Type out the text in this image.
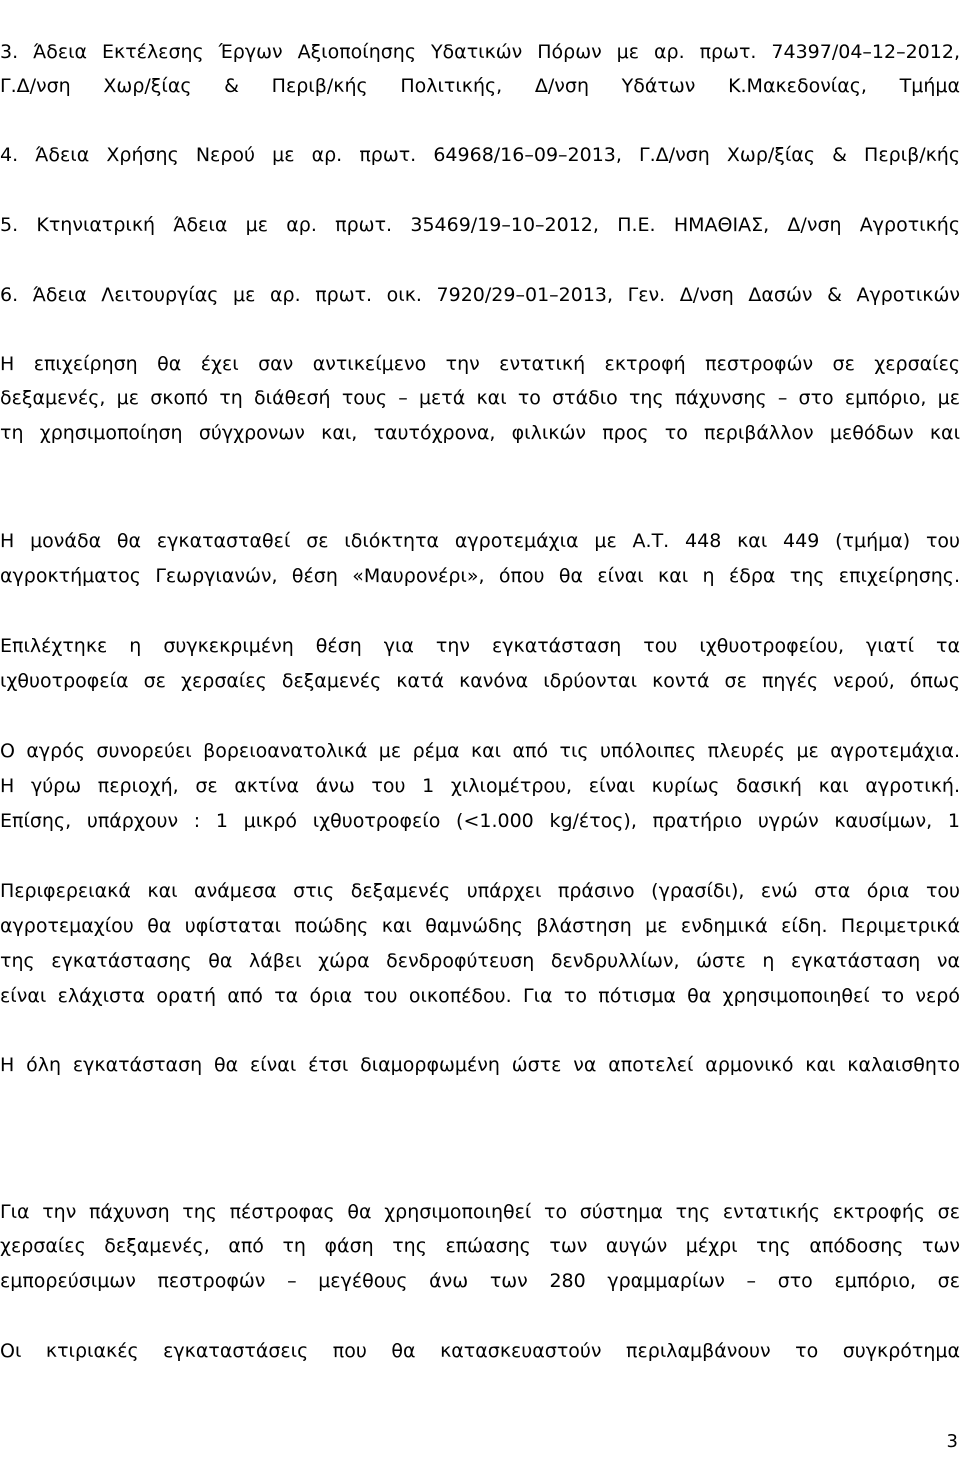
3. Άδεια Εκτέλεσης Έργων Αξιοποίησης Υδατικών Πόρων με αρ. πρωτ. 74397/04–12–2012,
Γ.Δ/νση Χωρ/ξίας & Περιβ/κής Πολιτικής, Δ/νση Υδάτων Κ.Μακεδονίας, Τμήμα
4. Άδεια Χρήσης Νερού με αρ. πρωτ. 64968/16–09–2013, Γ.Δ/νση Χωρ/ξίας & Περιβ/κής
5. Κτηνιατρική Άδεια με αρ. πρωτ. 35469/19–10–2012, Π.Ε. ΗΜΑΘΙΑΣ, Δ/νση Αγροτικής
6. Άδεια Λειτουργίας με αρ. πρωτ. οικ. 7920/29–01–2013, Γεν. Δ/νση Δασών & Αγροτικών
Η επιχείρηση θα έχει σαν αντικείμενο την εντατική εκτροφή πεστροφών σε χερσαίες
δεξαμενές, με σκοπό τη διάθεσή τους – μετά και το στάδιο της πάχυνσης – στο εμπόριο, με
τη χρησιμοποίηση σύγχρονων και, ταυτόχρονα, φιλικών προς το περιβάλλον μεθόδων και
Η μονάδα θα εγκατασταθεί σε ιδιόκτητα αγροτεμάχια με Α.Τ. 448 και 449 (τμήμα) του
αγροκτήματος Γεωργιανών, θέση «Μαυρονέρι», όπου θα είναι και η έδρα της επιχείρησης.
Επιλέχτηκε η συγκεκριμένη θέση για την εγκατάσταση του ιχθυοτροφείου, γιατί τα
ιχθυοτροφεία σε χερσαίες δεξαμενές κατά κανόνα ιδρύονται κοντά σε πηγές νερού, όπως
Ο αγρός συνορεύει βορειοανατολικά με ρέμα και από τις υπόλοιπες πλευρές με αγροτεμάχια.
Η γύρω περιοχή, σε ακτίνα άνω του 1 χιλιομέτρου, είναι κυρίως δασική και αγροτική.
Επίσης, υπάρχουν : 1 μικρό ιχθυοτροφείο (<1.000 kg/έτος), πρατήριο υγρών καυσίμων, 1
Περιφερειακά και ανάμεσα στις δεξαμενές υπάρχει πράσινο (γρασίδι), ενώ στα όρια του
αγροτεμαχίου θα υφίσταται ποώδης και θαμνώδης βλάστηση με ενδημικά είδη. Περιμετρικά
της εγκατάστασης θα λάβει χώρα δενδροφύτευση δενδρυλλίων, ώστε η εγκατάσταση να
είναι ελάχιστα ορατή από τα όρια του οικοπέδου. Για το πότισμα θα χρησιμοποιηθεί το νερό
Η όλη εγκατάσταση θα είναι έτσι διαμορφωμένη ώστε να αποτελεί αρμονικό και καλαισθητο
Για την πάχυνση της πέστροφας θα χρησιμοποιηθεί το σύστημα της εντατικής εκτροφής σε
χερσαίες δεξαμενές, από τη φάση της επώασης των αυγών μέχρι της απόδοσης των
εμπορεύσιμων πεστροφών – μεγέθους άνω των 280 γραμμαρίων – στο εμπόριο, σε
Οι κτιριακές εγκαταστάσεις που θα κατασκευαστούν περιλαμβάνουν το συγκρότημα
3
